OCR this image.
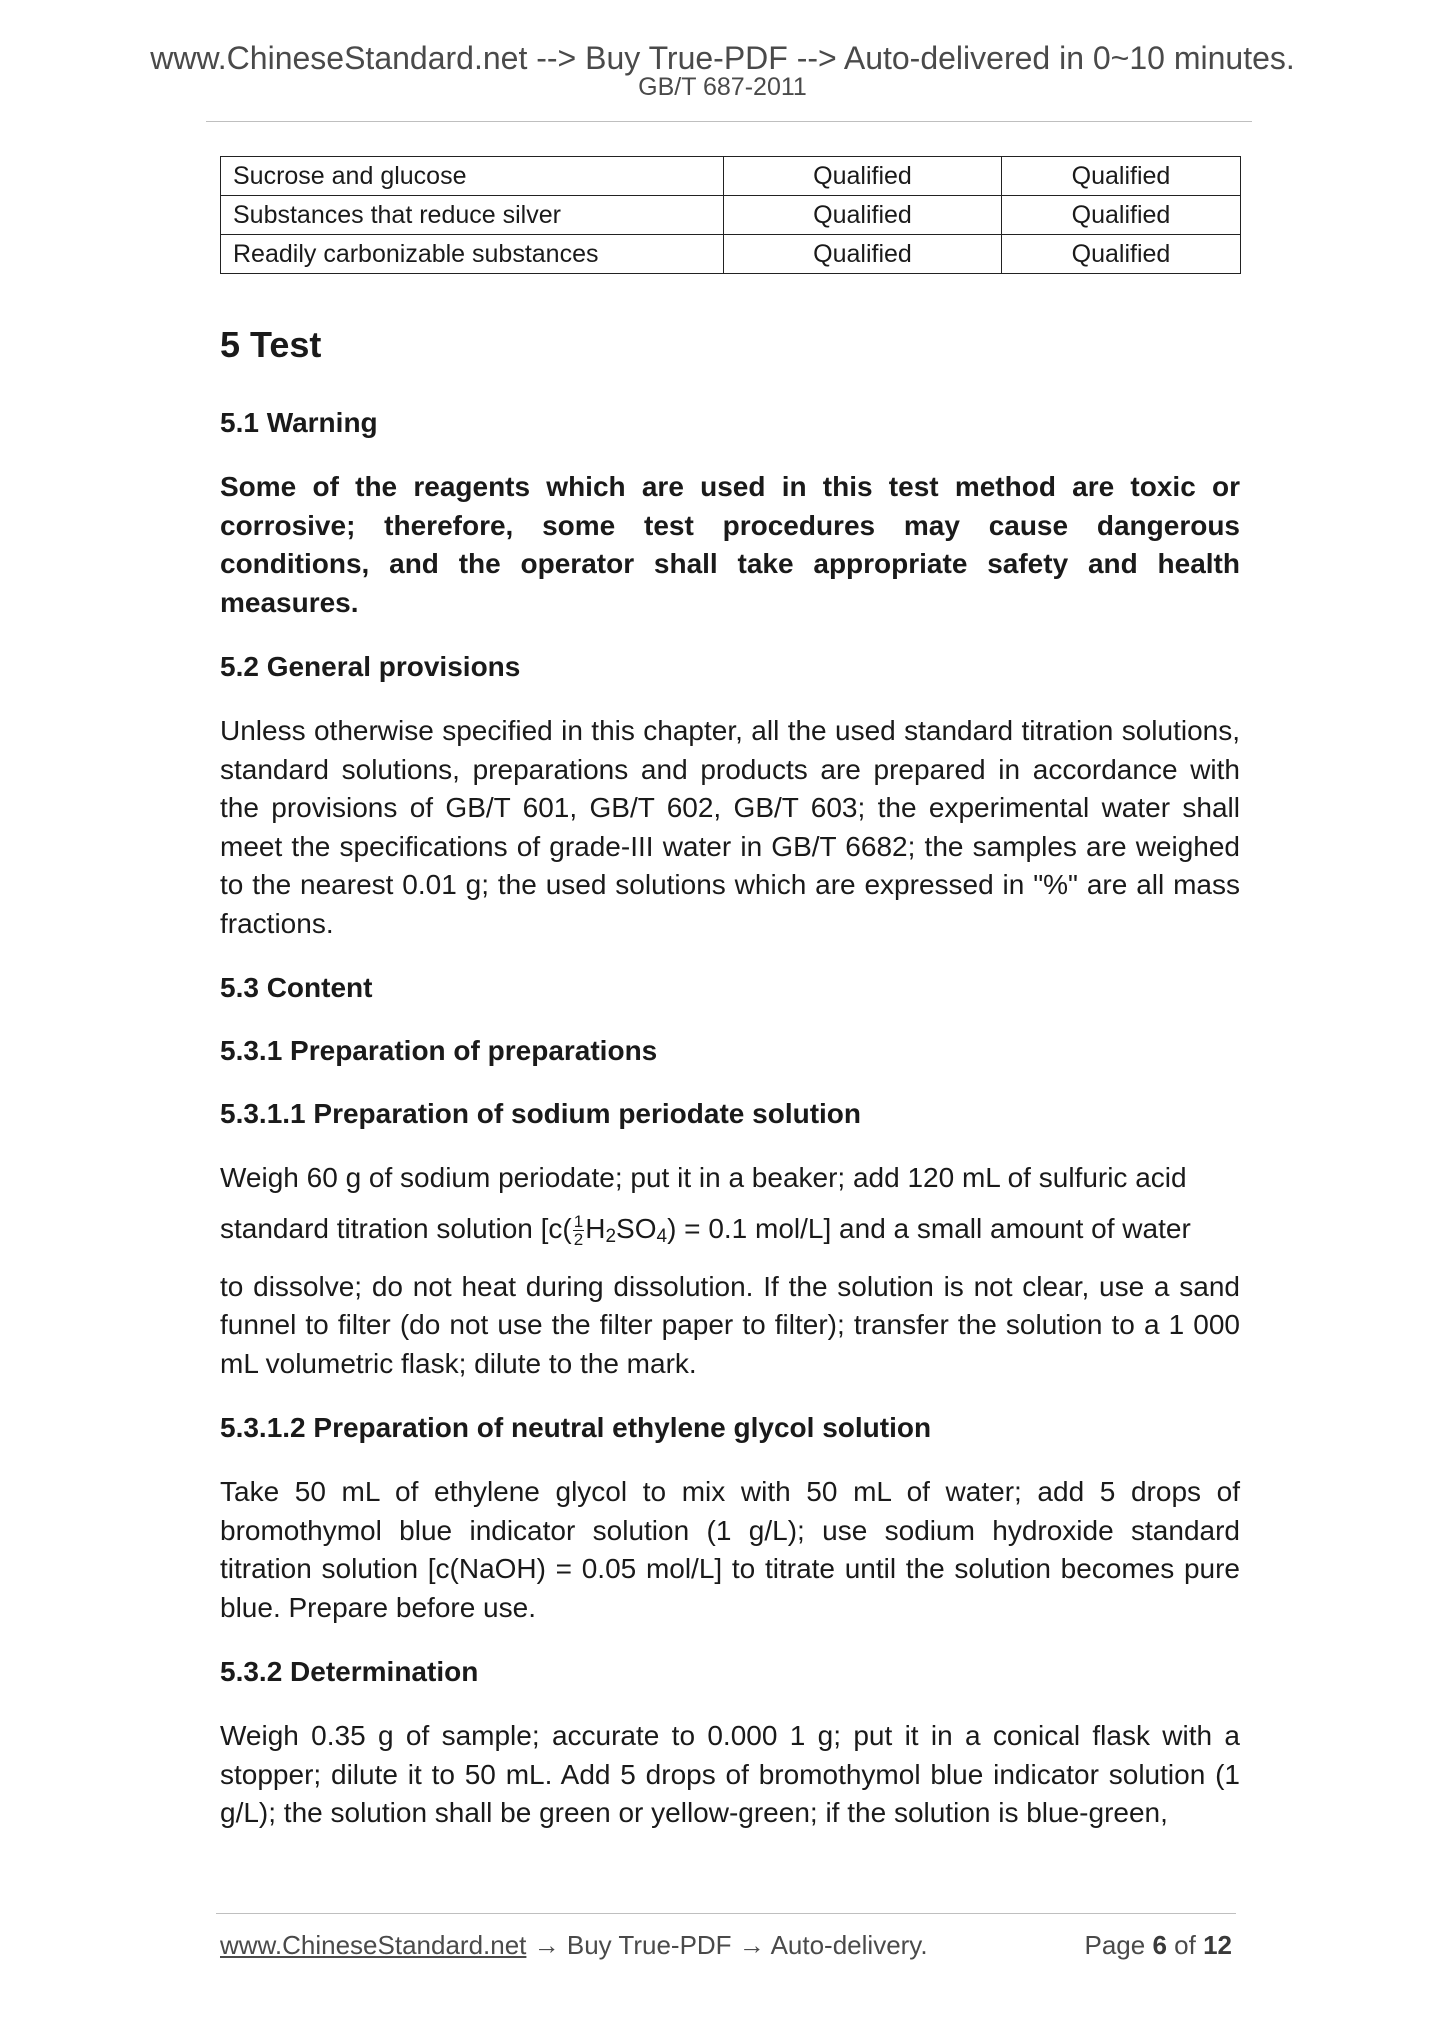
www.ChineseStandard.net --> Buy True-PDF --> Auto-delivered in 0~10 minutes.
GB/T 687-2011
Sucrose and glucose	Qualified	Qualified
Substances that reduce silver	Qualified	Qualified
Readily carbonizable substances	Qualified	Qualified
5 Test
5.1 Warning

Some of the reagents which are used in this test method are toxic or corrosive; therefore, some test procedures may cause dangerous conditions, and the operator shall take appropriate safety and health measures.

5.2 General provisions

Unless otherwise specified in this chapter, all the used standard titration solutions, standard solutions, preparations and products are prepared in accordance with the provisions of GB/T 601, GB/T 602, GB/T 603; the experimental water shall meet the specifications of grade-III water in GB/T 6682; the samples are weighed to the nearest 0.01 g; the used solutions which are expressed in "%" are all mass fractions.

5.3 Content
5.3.1 Preparation of preparations
5.3.1.1 Preparation of sodium periodate solution

Weigh 60 g of sodium periodate; put it in a beaker; add 120 mL of sulfuric acid

standard titration solution [$c( \frac{1}{2} H_2SO_4) = 0.1$ mol/L] and a small amount of water

to dissolve; do not heat during dissolution. If the solution is not clear, use a sand funnel to filter (do not use the filter paper to filter); transfer the solution to a 1 000 mL volumetric flask; dilute to the mark.

5.3.1.2 Preparation of neutral ethylene glycol solution

Take 50 mL of ethylene glycol to mix with 50 mL of water; add 5 drops of bromothymol blue indicator solution (1 g/L); use sodium hydroxide standard titration solution [c(NaOH) = 0.05 mol/L] to titrate until the solution becomes pure blue. Prepare before use.

5.3.2 Determination

Weigh 0.35 g of sample; accurate to 0.000 1 g; put it in a conical flask with a stopper; dilute it to 50 mL. Add 5 drops of bromothymol blue indicator solution (1 g/L); the solution shall be green or yellow-green; if the solution is blue-green,

www.ChineseStandard.net → Buy True-PDF → Auto-delivery.	Page 6 of 12
